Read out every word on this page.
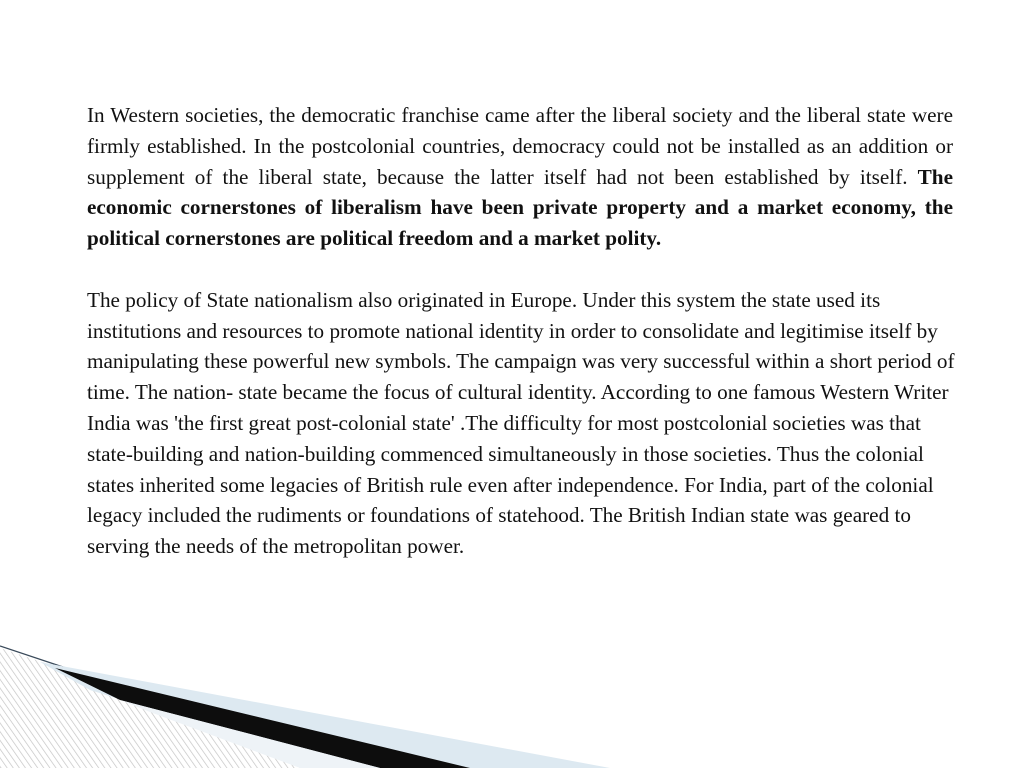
In Western societies, the democratic franchise came after the liberal society and the liberal state were firmly established. In the postcolonial countries, democracy could not be installed as an addition or supplement of the liberal state, because the latter itself had not been established by itself. The economic cornerstones of liberalism have been private property and a market economy, the political cornerstones are political freedom and a market polity.

The policy of State nationalism also originated in Europe. Under this system the state used its institutions and resources to promote national identity in order to consolidate and legitimise itself by manipulating these powerful new symbols. The campaign was very successful within a short period of time. The nation- state became the focus of cultural identity. According to one famous Western Writer India was 'the first great post-colonial state' .The difficulty for most postcolonial societies was that state-building and nation-building commenced simultaneously in those societies. Thus the colonial states inherited some legacies of British rule even after independence. For India, part of the colonial legacy included the rudiments or foundations of statehood. The British Indian state was geared to serving the needs of the metropolitan power.
